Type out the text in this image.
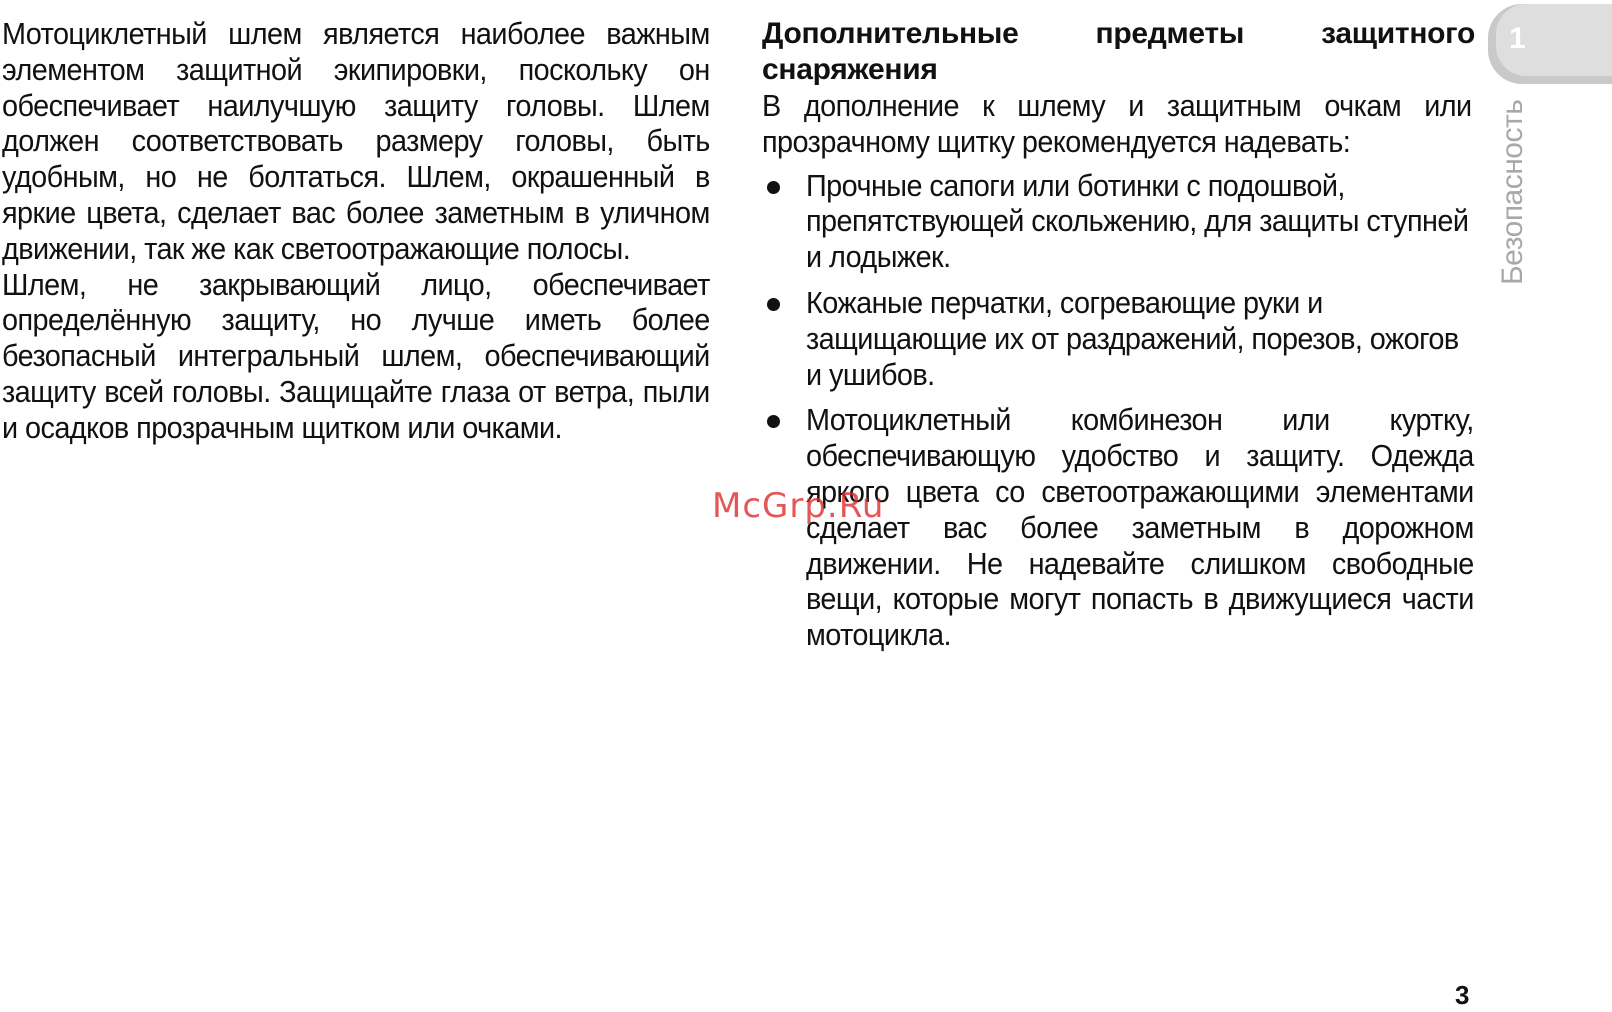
Мотоциклетный шлем является наиболее важным элементом защитной экипировки, поскольку он обеспечивает наилучшую защиту головы. Шлем должен соответствовать размеру головы, быть удобным, но не болтаться. Шлем, окрашенный в яркие цвета, сделает вас более заметным в уличном движении, так же как светоотражающие полосы.

Шлем, не закрывающий лицо, обеспечивает определённую защиту, но лучше иметь более безопасный интегральный шлем, обеспечивающий защиту всей головы. Защищайте глаза от ветра, пыли и осадков прозрачным щитком или очками.

Дополнительные предметы защитного снаряжения

В дополнение к шлему и защитным очкам или прозрачному щитку рекомендуется надевать:

Прочные сапоги или ботинки с подошвой, препятствующей скольжению, для защиты ступней и лодыжек.
Кожаные перчатки, согревающие руки и защищающие их от раздражений, порезов, ожогов и ушибов.
Мотоциклетный комбинезон или куртку, обеспечивающую удобство и защиту. Одежда яркого цвета со светоотражающими элементами сделает вас более заметным в дорожном движении. Не надевайте слишком свободные вещи, которые могут попасть в движущиеся части мотоцикла.
1
Безопасность
McGrp.Ru
3
